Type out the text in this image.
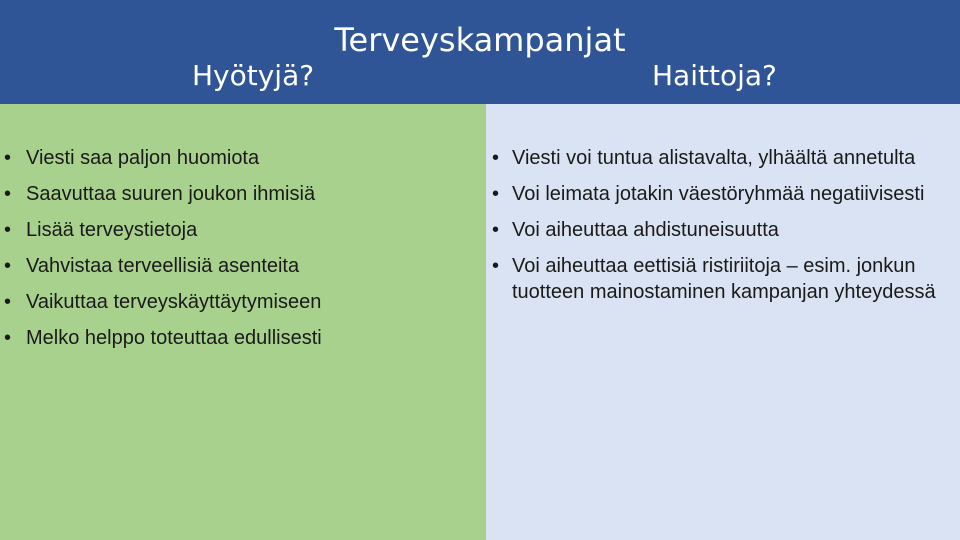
Terveyskampanjat
Hyötyjä?	Haittoja?
• Viesti saa paljon huomiota
• Saavuttaa suuren joukon ihmisiä
• Lisää terveystietoja
• Vahvistaa terveellisiä asenteita
• Vaikuttaa terveyskäyttäytymiseen
• Melko helppo toteuttaa edullisesti
• Viesti voi tuntua alistavalta, ylhäältä annetulta
• Voi leimata jotakin väestöryhmää negatiivisesti
• Voi aiheuttaa ahdistuneisuutta
• Voi aiheuttaa eettisiä ristiriitoja – esim. jonkun tuotteen mainostaminen kampanjan yhteydessä
